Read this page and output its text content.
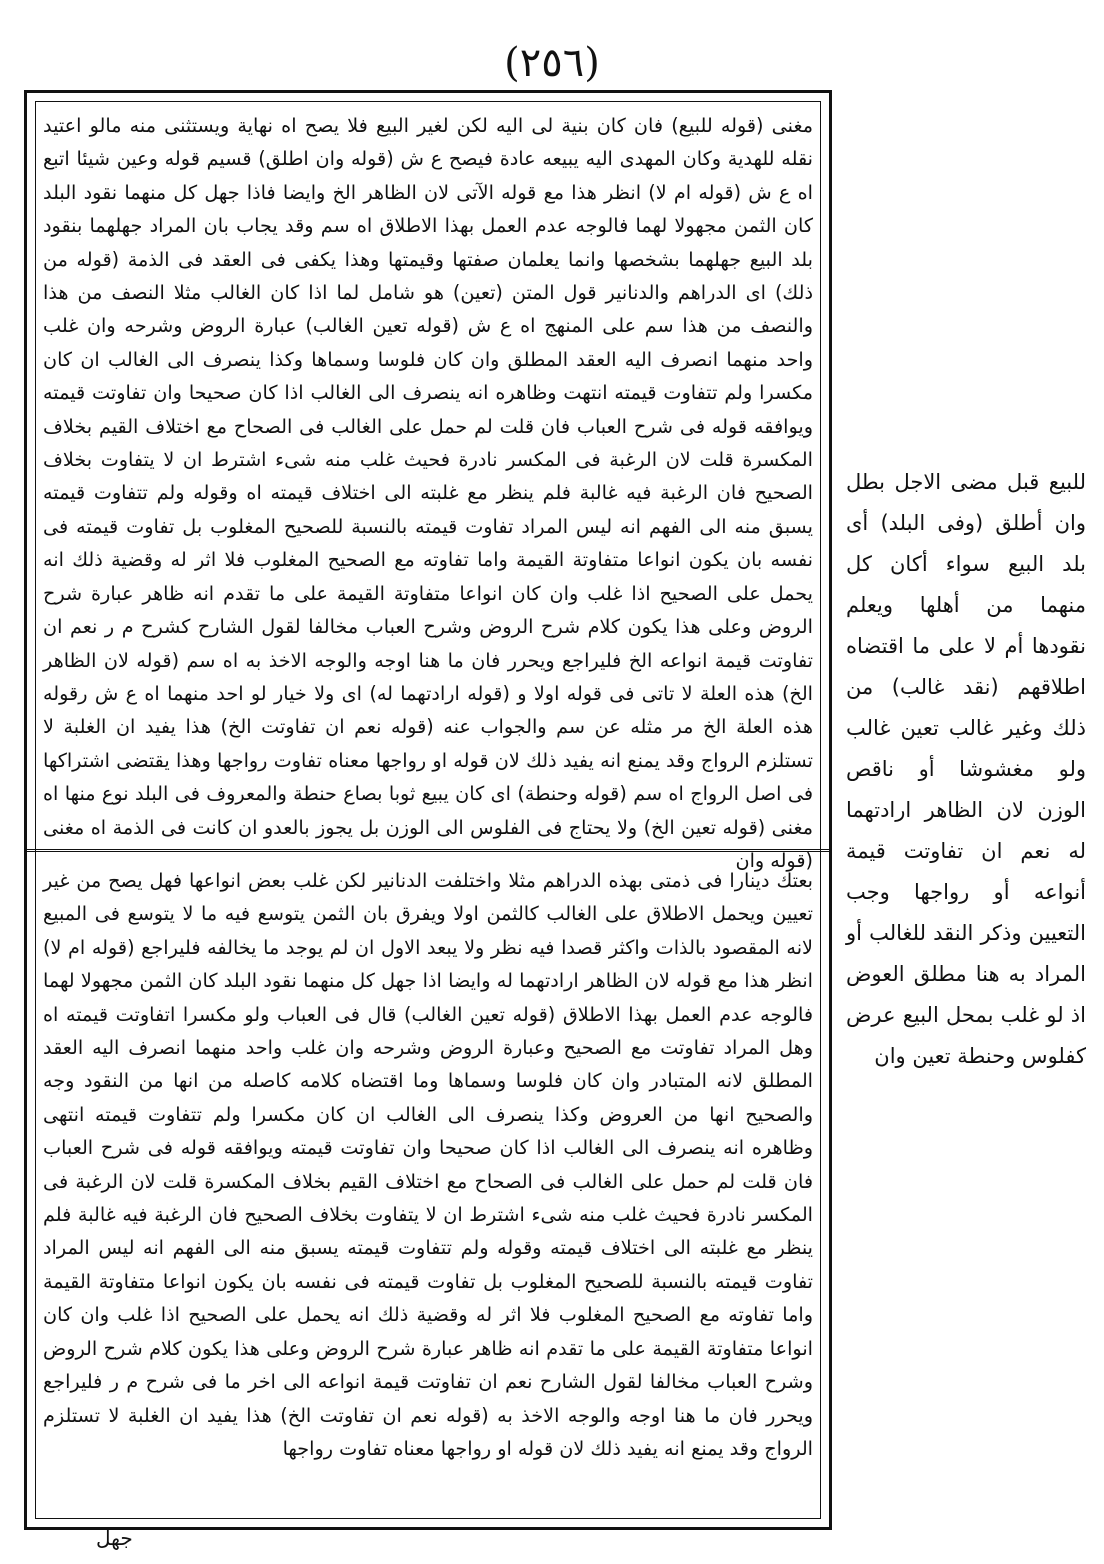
(٢٥٦)

مغنى (قوله للبيع) فان كان بنية لى اليه لكن لغير البيع فلا يصح اه نهاية ويستثنى منه مالو اعتيد نقله للهدية وكان المهدى اليه يبيعه عادة فيصح ع ش (قوله وان اطلق) قسيم قوله وعين شيئا اتبع اه ع ش (قوله ام لا) انظر هذا مع قوله الآتى لان الظاهر الخ وايضا فاذا جهل كل منهما نقود البلد كان الثمن مجهولا لهما فالوجه عدم العمل بهذا الاطلاق اه سم وقد يجاب بان المراد جهلهما بنقود بلد البيع جهلهما بشخصها وانما يعلمان صفتها وقيمتها وهذا يكفى فى العقد فى الذمة (قوله من ذلك) اى الدراهم والدنانير قول المتن (تعين) هو شامل لما اذا كان الغالب مثلا النصف من هذا والنصف من هذا سم على المنهج اه ع ش (قوله تعين الغالب) عبارة الروض وشرحه وان غلب واحد منهما انصرف اليه العقد المطلق وان كان فلوسا وسماها وكذا ينصرف الى الغالب ان كان مكسرا ولم تتفاوت قيمته انتهت وظاهره انه ينصرف الى الغالب اذا كان صحيحا وان تفاوتت قيمته ويوافقه قوله فى شرح العباب فان قلت لم حمل على الغالب فى الصحاح مع اختلاف القيم بخلاف المكسرة قلت لان الرغبة فى المكسر نادرة فحيث غلب منه شىء اشترط ان لا يتفاوت بخلاف الصحيح فان الرغبة فيه غالبة فلم ينظر مع غلبته الى اختلاف قيمته اه وقوله ولم تتفاوت قيمته يسبق منه الى الفهم انه ليس المراد تفاوت قيمته بالنسبة للصحيح المغلوب بل تفاوت قيمته فى نفسه بان يكون انواعا متفاوتة القيمة واما تفاوته مع الصحيح المغلوب فلا اثر له وقضية ذلك انه يحمل على الصحيح اذا غلب وان كان انواعا متفاوتة القيمة على ما تقدم انه ظاهر عبارة شرح الروض وعلى هذا يكون كلام شرح الروض وشرح العباب مخالفا لقول الشارح كشرح م ر نعم ان تفاوتت قيمة انواعه الخ فليراجع ويحرر فان ما هنا اوجه والوجه الاخذ به اه سم (قوله لان الظاهر الخ) هذه العلة لا تاتى فى قوله اولا و (قوله ارادتهما له) اى ولا خيار لو احد منهما اه ع ش رقوله هذه العلة الخ مر مثله عن سم والجواب عنه (قوله نعم ان تفاوتت الخ) هذا يفيد ان الغلبة لا تستلزم الرواج وقد يمنع انه يفيد ذلك لان قوله او رواجها معناه تفاوت رواجها وهذا يقتضى اشتراكها فى اصل الرواج اه سم (قوله وحنطة) اى كان يبيع ثوبا بصاع حنطة والمعروف فى البلد نوع منها اه مغنى (قوله تعين الخ) ولا يحتاج فى الفلوس الى الوزن بل يجوز بالعدو ان كانت فى الذمة اه مغنى (قوله وان

بعتك دينارا فى ذمتى بهذه الدراهم مثلا واختلفت الدنانير لكن غلب بعض انواعها فهل يصح من غير تعيين ويحمل الاطلاق على الغالب كالثمن اولا ويفرق بان الثمن يتوسع فيه ما لا يتوسع فى المبيع لانه المقصود بالذات واكثر قصدا فيه نظر ولا يبعد الاول ان لم يوجد ما يخالفه فليراجع (قوله ام لا) انظر هذا مع قوله لان الظاهر ارادتهما له وايضا اذا جهل كل منهما نقود البلد كان الثمن مجهولا لهما فالوجه عدم العمل بهذا الاطلاق (قوله تعين الغالب) قال فى العباب ولو مكسرا اتفاوتت قيمته اه وهل المراد تفاوتت مع الصحيح وعبارة الروض وشرحه وان غلب واحد منهما انصرف اليه العقد المطلق لانه المتبادر وان كان فلوسا وسماها وما اقتضاه كلامه كاصله من انها من النقود وجه والصحيح انها من العروض وكذا ينصرف الى الغالب ان كان مكسرا ولم تتفاوت قيمته انتهى وظاهره انه ينصرف الى الغالب اذا كان صحيحا وان تفاوتت قيمته ويوافقه قوله فى شرح العباب فان قلت لم حمل على الغالب فى الصحاح مع اختلاف القيم بخلاف المكسرة قلت لان الرغبة فى المكسر نادرة فحيث غلب منه شىء اشترط ان لا يتفاوت بخلاف الصحيح فان الرغبة فيه غالبة فلم ينظر مع غلبته الى اختلاف قيمته وقوله ولم تتفاوت قيمته يسبق منه الى الفهم انه ليس المراد تفاوت قيمته بالنسبة للصحيح المغلوب بل تفاوت قيمته فى نفسه بان يكون انواعا متفاوتة القيمة واما تفاوته مع الصحيح المغلوب فلا اثر له وقضية ذلك انه يحمل على الصحيح اذا غلب وان كان انواعا متفاوتة القيمة على ما تقدم انه ظاهر عبارة شرح الروض وعلى هذا يكون كلام شرح الروض وشرح العباب مخالفا لقول الشارح نعم ان تفاوتت قيمة انواعه الى اخر ما فى شرح م ر فليراجع ويحرر فان ما هنا اوجه والوجه الاخذ به (قوله نعم ان تفاوتت الخ) هذا يفيد ان الغلبة لا تستلزم الرواج وقد يمنع انه يفيد ذلك لان قوله او رواجها معناه تفاوت رواجها

للبيع قبل مضى الاجل بطل وان أطلق (وفى البلد) أى بلد البيع سواء أكان كل منهما من أهلها ويعلم نقودها أم لا على ما اقتضاه اطلاقهم (نقد غالب) من ذلك وغير غالب تعين غالب ولو مغشوشا أو ناقص الوزن لان الظاهر ارادتهما له نعم ان تفاوتت قيمة أنواعه أو رواجها وجب التعيين وذكر النقد للغالب أو المراد به هنا مطلق العوض اذ لو غلب بمحل البيع عرض كفلوس وحنطة تعين وان

جهل
